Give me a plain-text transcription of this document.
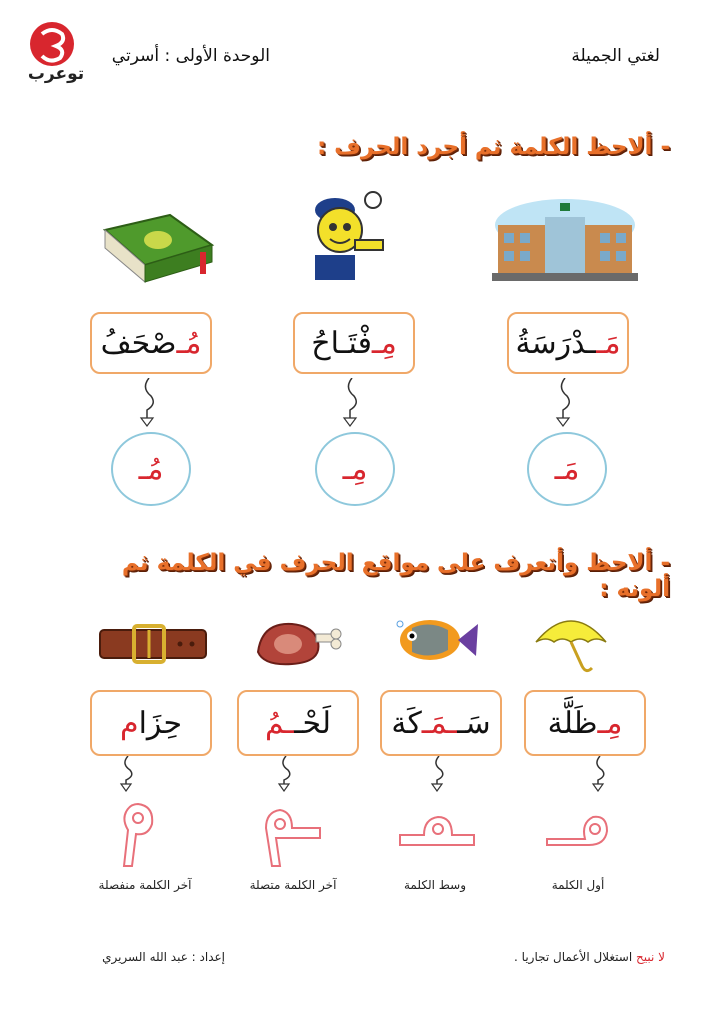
توعرب
الوحدة الأولى : أسرتي	لغتي الجميلة
- ألاحظ الكلمة ثم أجرد الحرف :
مَـ
ـدْرَسَةُ
مِـ
فْتَـاحُ
مُـ
صْحَفُ
مَـ
مِـ
مُـ
- ألاحظ وأتعرف على مواقع الحرف في الكلمة ثم ألونه :
مِـ
ظَلَّة
سَـ
ـمَـ
كَة
لَحْـ
ـمُ
حِزَا
م
أول الكلمة
وسط الكلمة
آخر الكلمة متصلة
آخر الكلمة منفصلة
لا نبيح استغلال الأعمال تجاريا .
إعداد : عبد الله السريري
